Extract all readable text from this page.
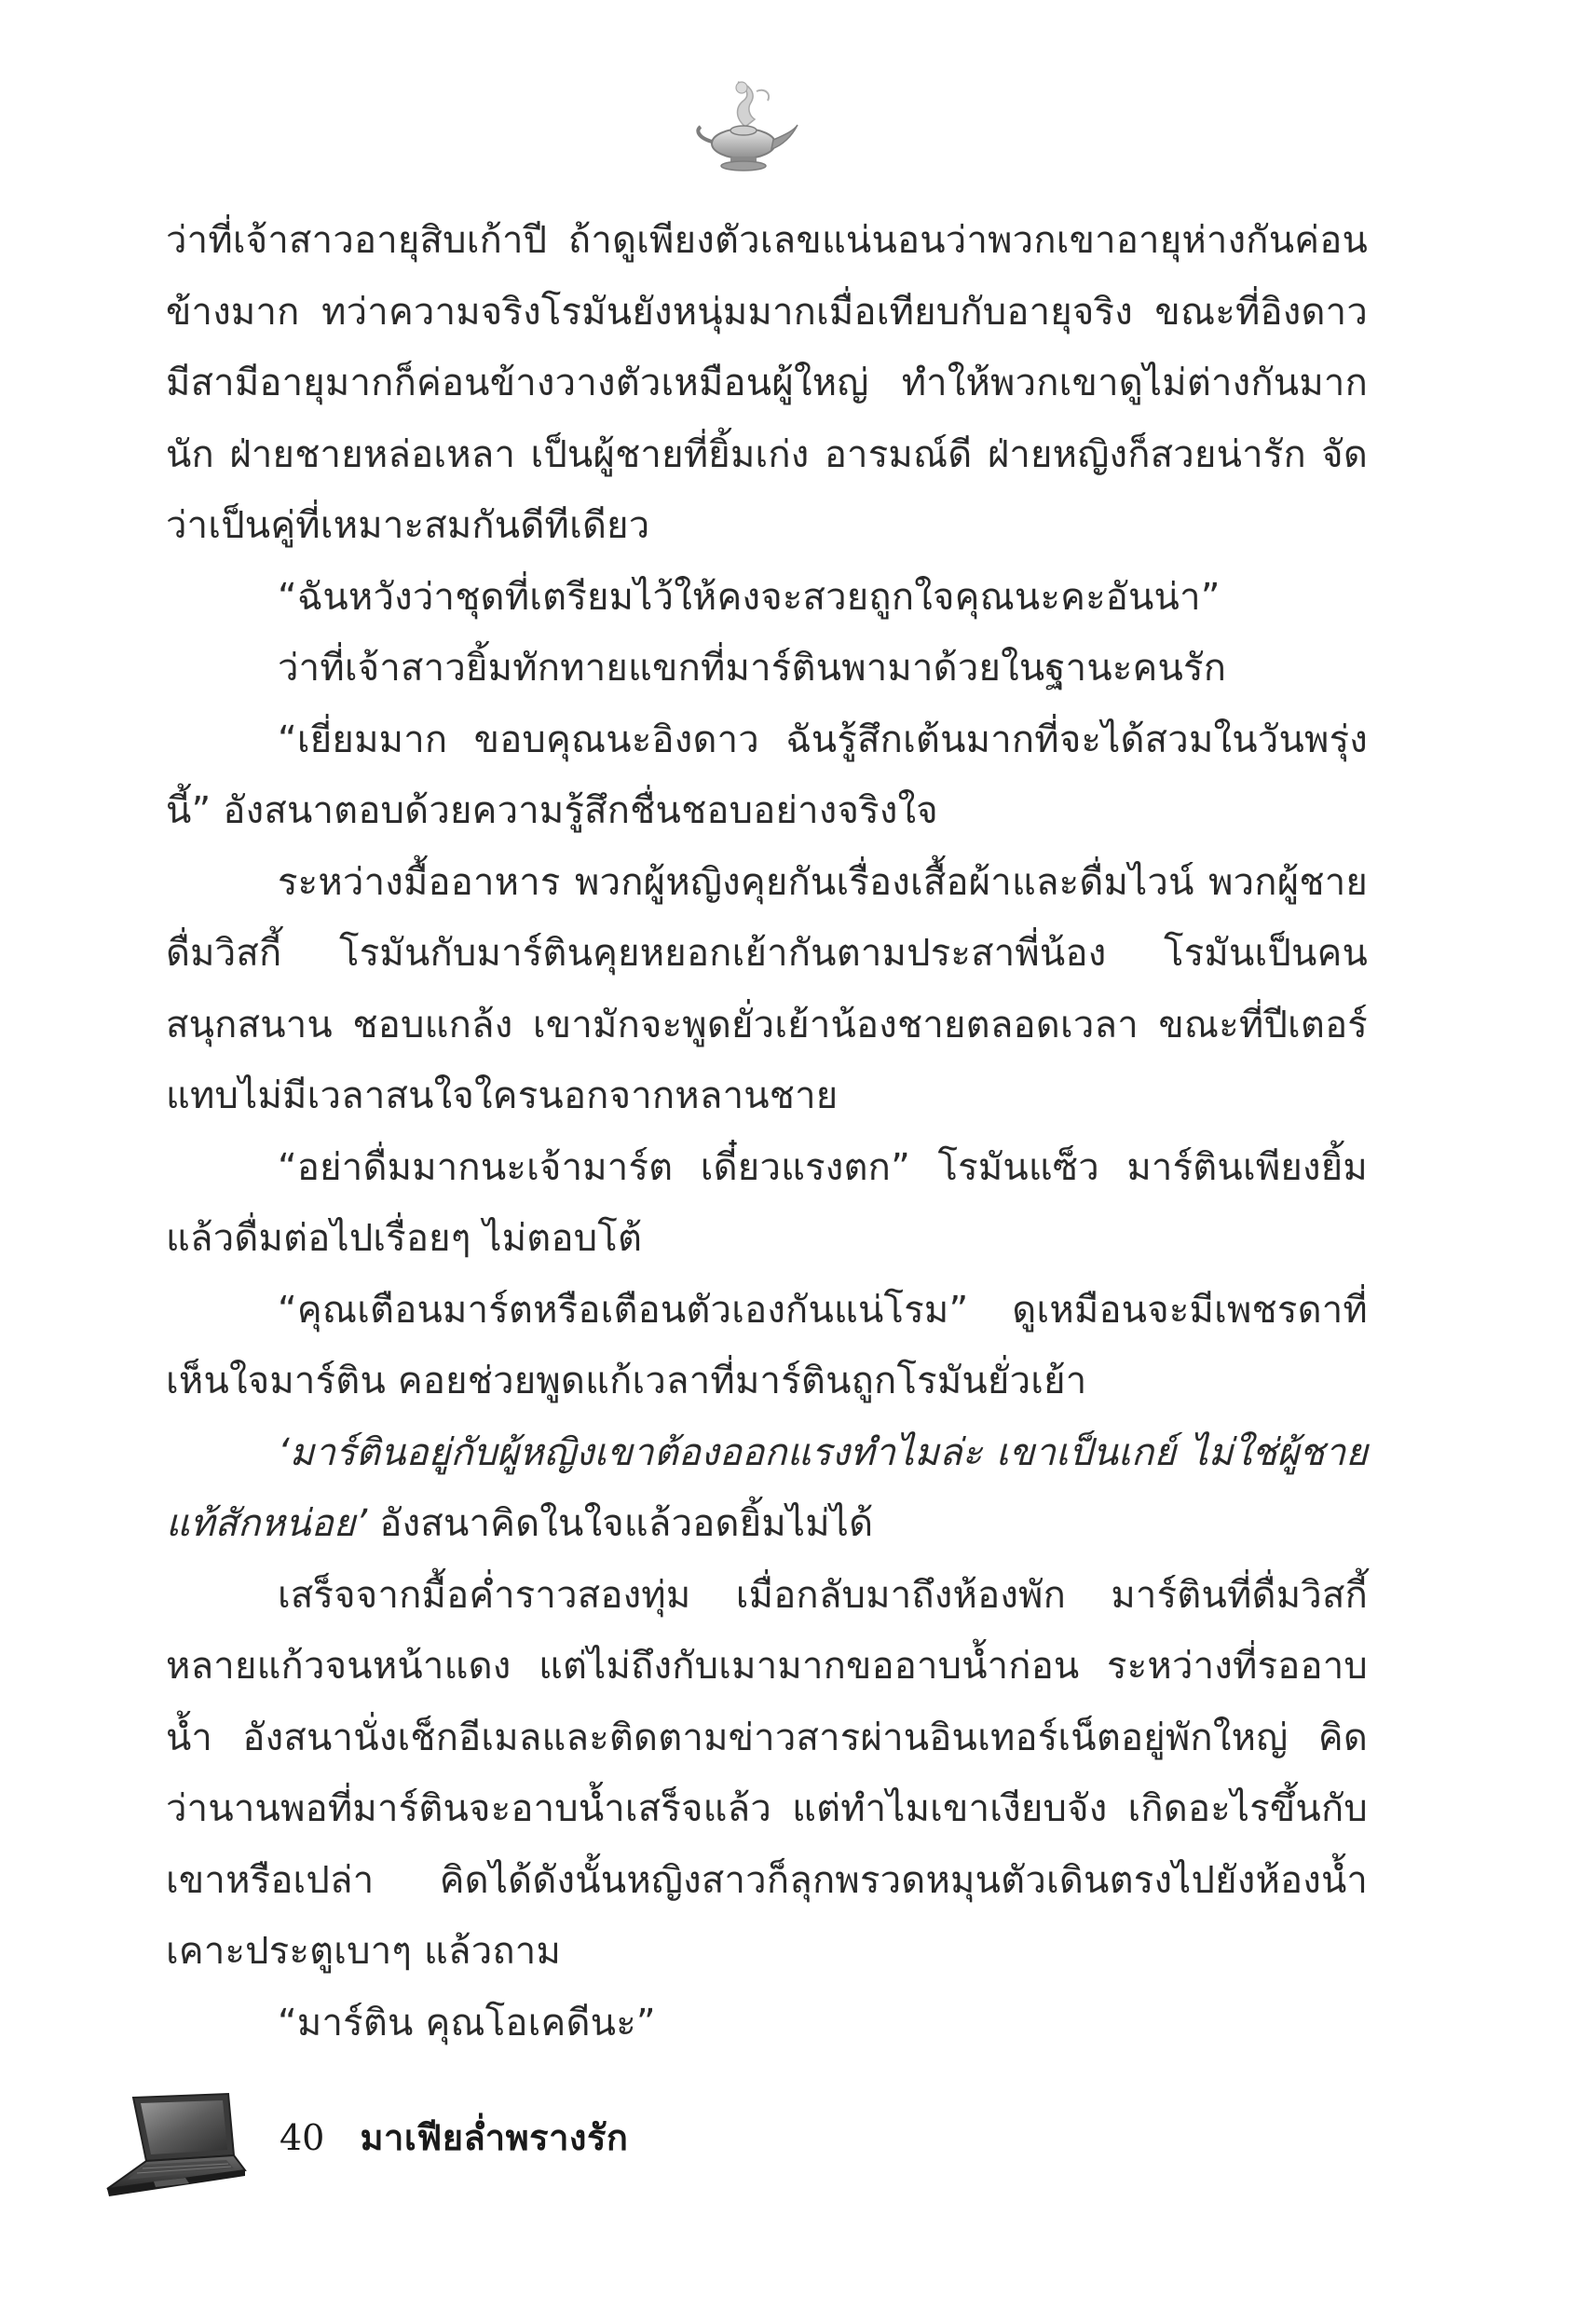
ว่าที่เจ้าสาวอายุสิบเก้าปี ถ้าดูเพียงตัวเลขแน่นอนว่าพวกเขาอายุห่างกันค่อนข้างมาก ทว่าความจริงโรมันยังหนุ่มมากเมื่อเทียบกับอายุจริง ขณะที่อิงดาวมีสามีอายุมากก็ค่อนข้างวางตัวเหมือนผู้ใหญ่ ทำให้พวกเขาดูไม่ต่างกันมากนัก ฝ่ายชายหล่อเหลา เป็นผู้ชายที่ยิ้มเก่ง อารมณ์ดี ฝ่ายหญิงก็สวยน่ารัก จัดว่าเป็นคู่ที่เหมาะสมกันดีทีเดียว

“ฉันหวังว่าชุดที่เตรียมไว้ให้คงจะสวยถูกใจคุณนะคะอันน่า”

ว่าที่เจ้าสาวยิ้มทักทายแขกที่มาร์ตินพามาด้วยในฐานะคนรัก

“เยี่ยมมาก ขอบคุณนะอิงดาว ฉันรู้สึกเต้นมากที่จะได้สวมในวันพรุ่งนี้” อังสนาตอบด้วยความรู้สึกชื่นชอบอย่างจริงใจ

ระหว่างมื้ออาหาร พวกผู้หญิงคุยกันเรื่องเสื้อผ้าและดื่มไวน์ พวกผู้ชายดื่มวิสกี้ โรมันกับมาร์ตินคุยหยอกเย้ากันตามประสาพี่น้อง โรมันเป็นคนสนุกสนาน ชอบแกล้ง เขามักจะพูดยั่วเย้าน้องชายตลอดเวลา ขณะที่ปีเตอร์แทบไม่มีเวลาสนใจใครนอกจากหลานชาย

“อย่าดื่มมากนะเจ้ามาร์ต เดี๋ยวแรงตก” โรมันแซ็ว มาร์ตินเพียงยิ้ม แล้วดื่มต่อไปเรื่อยๆ ไม่ตอบโต้

“คุณเตือนมาร์ตหรือเตือนตัวเองกันแน่โรม” ดูเหมือนจะมีเพชรดาที่เห็นใจมาร์ติน คอยช่วยพูดแก้เวลาที่มาร์ตินถูกโรมันยั่วเย้า

‘มาร์ตินอยู่กับผู้หญิงเขาต้องออกแรงทำไมล่ะ เขาเป็นเกย์ ไม่ใช่ผู้ชายแท้สักหน่อย’ อังสนาคิดในใจแล้วอดยิ้มไม่ได้

เสร็จจากมื้อค่ำราวสองทุ่ม เมื่อกลับมาถึงห้องพัก มาร์ตินที่ดื่มวิสกี้หลายแก้วจนหน้าแดง แต่ไม่ถึงกับเมามากขออาบน้ำก่อน ระหว่างที่รออาบน้ำ อังสนานั่งเช็กอีเมลและติดตามข่าวสารผ่านอินเทอร์เน็ตอยู่พักใหญ่ คิดว่านานพอที่มาร์ตินจะอาบน้ำเสร็จแล้ว แต่ทำไมเขาเงียบจัง เกิดอะไรขึ้นกับเขาหรือเปล่า คิดได้ดังนั้นหญิงสาวก็ลุกพรวดหมุนตัวเดินตรงไปยังห้องน้ำ เคาะประตูเบาๆ แล้วถาม

“มาร์ติน คุณโอเคดีนะ”

40 มาเฟียล่ำพรางรัก
